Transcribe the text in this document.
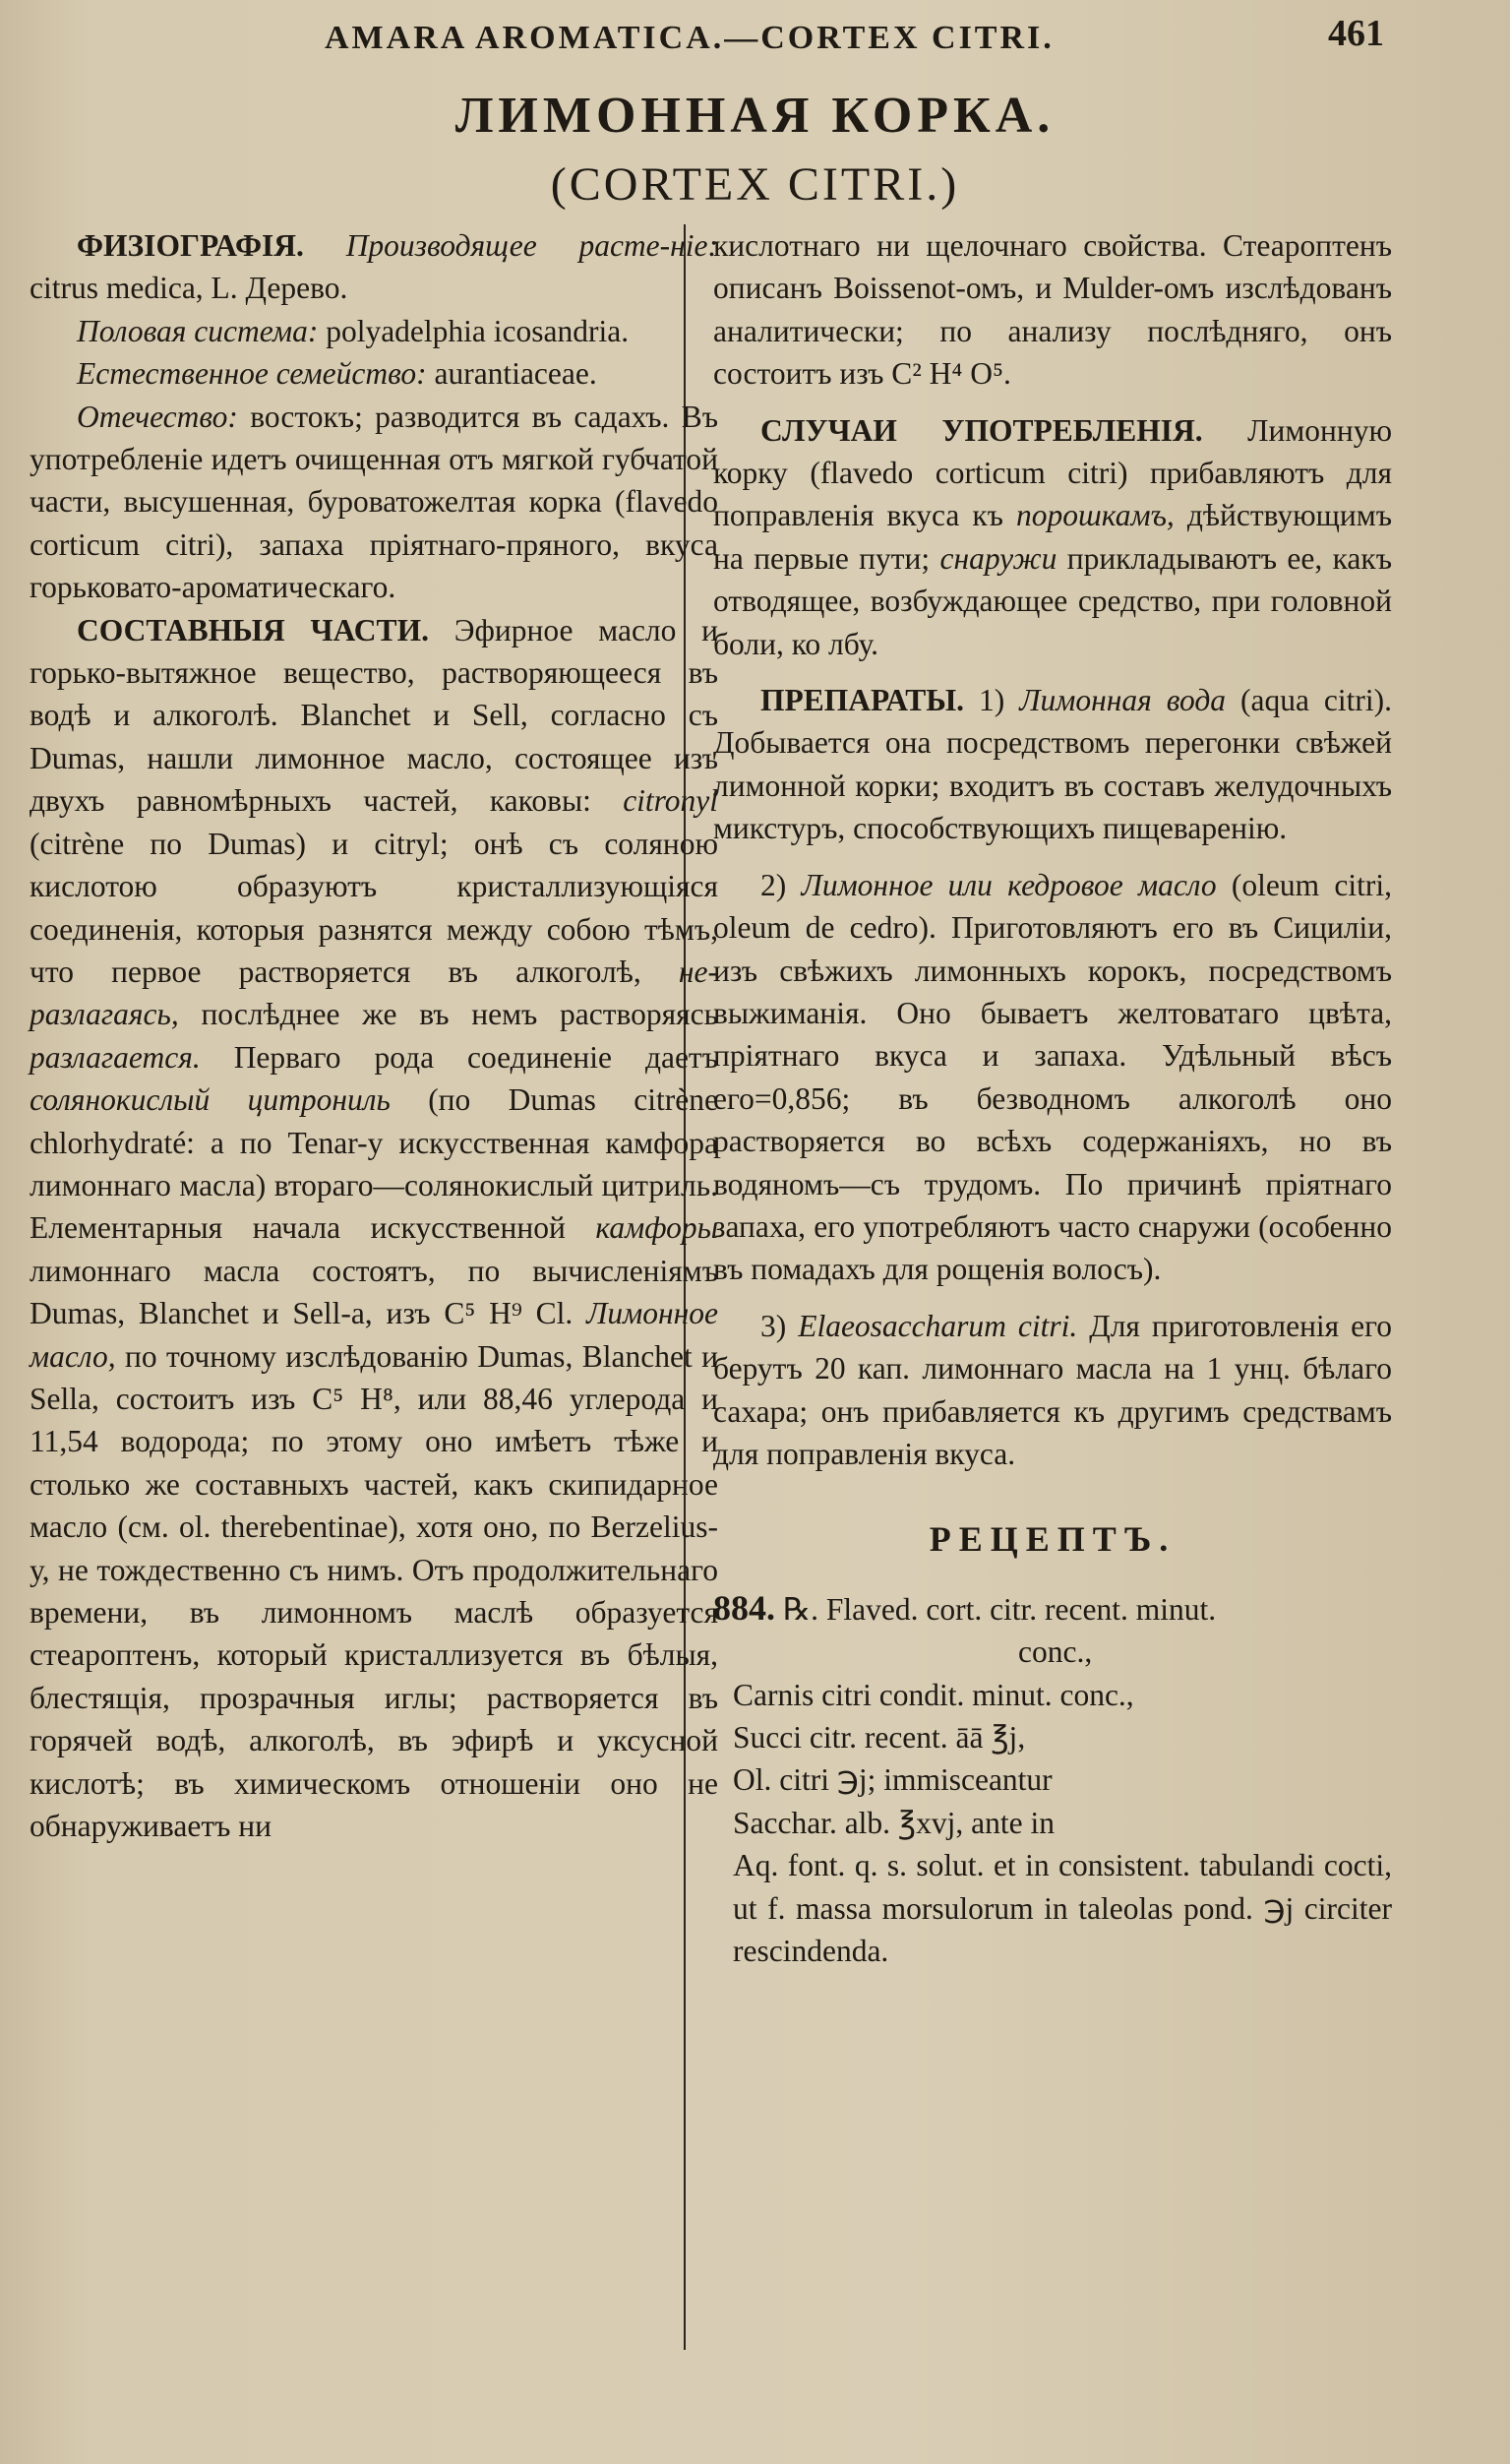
AMARA AROMATICA.—CORTEX CITRI.	461
ЛИМОННАЯ КОРКА.
(CORTEX CITRI.)

ФИЗІОГРАФІЯ. Производящее расте-ніе: citrus medica, L. Дерево.

Половая система: polyadelphia icosandria.

Естественное семейство: aurantiaceae.

Отечество: востокъ; разводится въ садахъ. Въ употребленіе идетъ очищенная отъ мягкой губчатой части, высушенная, буроватожелтая корка (flavedo corticum citri), запаха пріятнаго-пряного, вкуса горьковато-ароматическаго.

СОСТАВНЫЯ ЧАСТИ. Эфирное масло и горько-вытяжное вещество, растворяющееся въ водѣ и алкоголѣ. Blanchet и Sell, согласно съ Dumas, нашли лимонное масло, состоящее изъ двухъ равномѣрныхъ частей, каковы: citronyl (citrène по Dumas) и citryl; онѣ съ соляною кислотою образуютъ кристаллизующіяся соединенія, которыя разнятся между собою тѣмъ, что первое растворяется въ алкоголѣ, не-разлагаясь, послѣднее же въ немъ растворяясь разлагается. Перваго рода соединеніе даетъ солянокислый цитрониль (по Dumas citrène chlorhydraté: а по Tenar-у искусственная камфора лимоннаго масла) втораго—солянокислый цитриль. Елементарныя начала искусственной камфоры лимоннаго масла состоятъ, по вычисленіямъ Dumas, Blanchet и Sell-a, изъ C⁵ H⁹ Cl. Лимонное масло, по точному изслѣдованію Dumas, Blanchet и Sella, состоитъ изъ C⁵ H⁸, или 88,46 углерода и 11,54 водорода; по этому оно имѣетъ тѣже и столько же составныхъ частей, какъ скипидарное масло (см. ol. therebentinae), хотя оно, по Berzelius-у, не тождественно съ нимъ. Отъ продолжительнаго времени, въ лимонномъ маслѣ образуется стеароптенъ, который кристаллизуется въ бѣлыя, блестящія, прозрачныя иглы; растворяется въ горячей водѣ, алкоголѣ, въ эфирѣ и уксусной кислотѣ; въ химическомъ отношеніи оно не обнаруживаетъ ни

кислотнаго ни щелочнаго свойства. Стеароптенъ описанъ Boissenot-омъ, и Mulder-омъ изслѣдованъ аналитически; по анализу послѣдняго, онъ состоитъ изъ C² H⁴ O⁵.

СЛУЧАИ УПОТРЕБЛЕНІЯ. Лимонную корку (flavedo corticum citri) прибавляютъ для поправленія вкуса къ порошкамъ, дѣйствующимъ на первые пути; снаружи прикладываютъ ее, какъ отводящее, возбуждающее средство, при головной боли, ко лбу.

ПРЕПАРАТЫ. 1) Лимонная вода (aqua citri). Добывается она посредствомъ перегонки свѣжей лимонной корки; входитъ въ составъ желудочныхъ микстуръ, способствующихъ пищеваренію.

2) Лимонное или кедровое масло (oleum citri, oleum de cedro). Приготовляютъ его въ Сициліи, изъ свѣжихъ лимонныхъ корокъ, посредствомъ выжиманія. Оно бываетъ желтоватаго цвѣта, пріятнаго вкуса и запаха. Удѣльный вѣсъ его=0,856; въ безводномъ алкоголѣ оно растворяется во всѣхъ содержаніяхъ, но въ водяномъ—съ трудомъ. По причинѣ пріятнаго запаха, его употребляютъ часто снаружи (особенно въ помадахъ для рощенія волосъ).

3) Elaeosaccharum citri. Для приготовленія его берутъ 20 кап. лимоннаго масла на 1 унц. бѣлаго сахара; онъ прибавляется къ другимъ средствамъ для поправленія вкуса.

РЕЦЕПТЪ.
884. ℞. Flaved. cort. citr. recent. minut.
conc.,
Carnis citri condit. minut. conc.,
Succi citr. recent. āā ℥j,
Ol. citri ℈j; immisceantur
Sacchar. alb. ℥xvj, ante in
Aq. font. q. s. solut. et in consistent. tabulandi cocti, ut f. massa morsulorum in taleolas pond. ℈j circiter rescindenda.
